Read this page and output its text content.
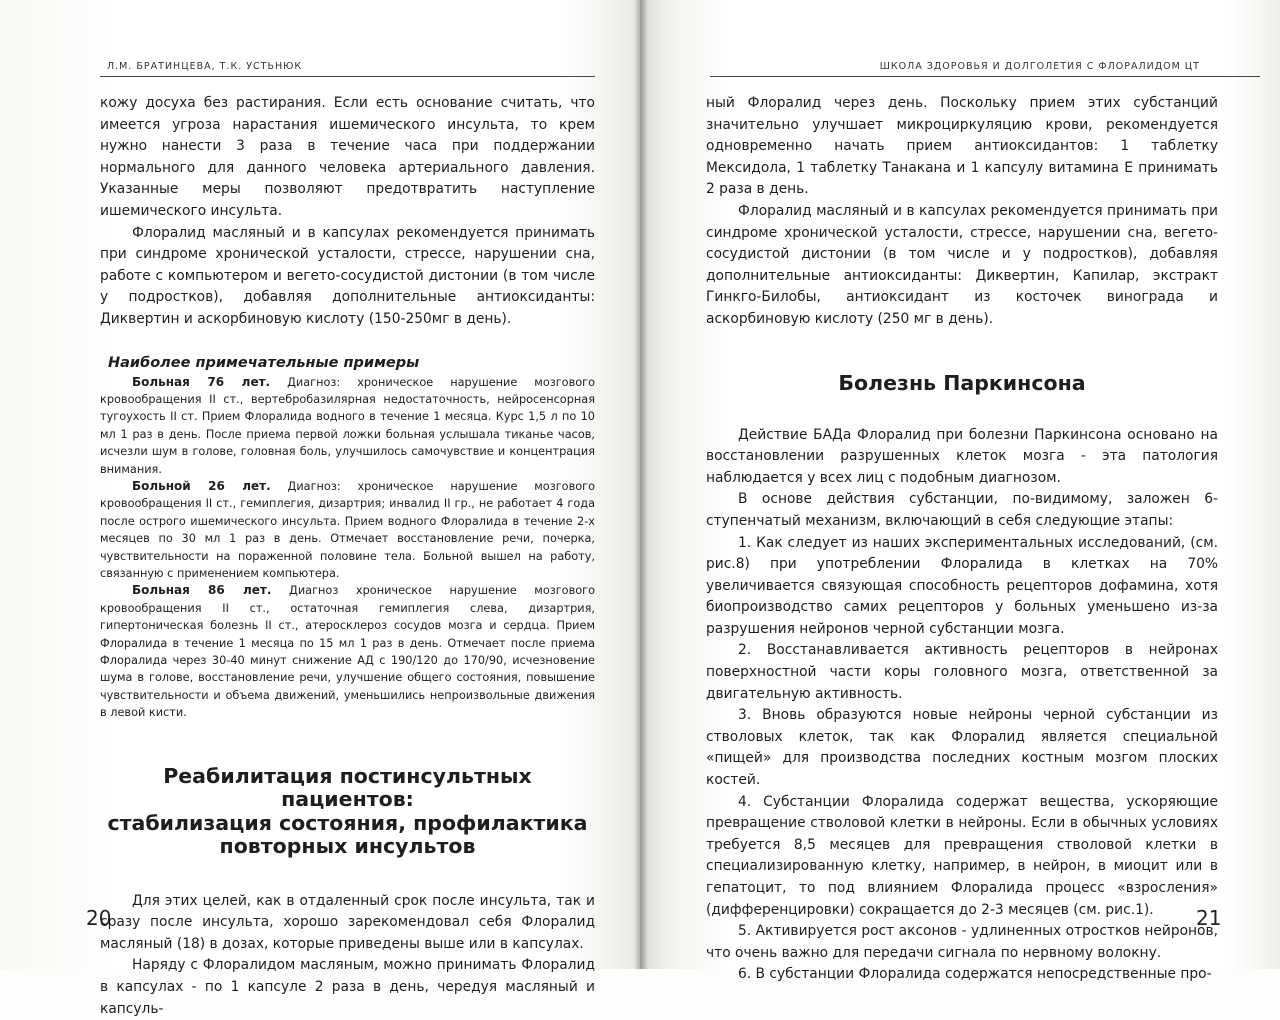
Л.М. БРАТИНЦЕВА, Т.К. УСТЬНЮК

кожу досуха без растирания. Если есть основание считать, что имеется угроза нарастания ишемического инсульта, то крем нужно нанести 3 раза в течение часа при поддержании нормального для данного человека артериального давления. Указанные меры позволяют предотвратить наступление ишемического инсульта.

Флоралид масляный и в капсулах рекомендуется принимать при синдроме хронической усталости, стрессе, нарушении сна, работе с компьютером и вегето-сосудистой дистонии (в том числе у подростков), добавляя дополнительные антиоксиданты: Диквертин и аскорбиновую кислоту (150-250мг в день).

Наиболее примечательные примеры

Больная 76 лет. Диагноз: хроническое нарушение мозгового кровообращения II ст., вертебробазилярная недостаточность, нейросенсорная тугоухость II ст. Прием Флоралида водного в течение 1 месяца. Курс 1,5 л по 10 мл 1 раз в день. После приема первой ложки больная услышала тиканье часов, исчезли шум в голове, головная боль, улучшилось самочувствие и концентрация внимания.

Больной 26 лет. Диагноз: хроническое нарушение мозгового кровообращения II ст., гемиплегия, дизартрия; инвалид II гр., не работает 4 года после острого ишемического инсульта. Прием водного Флоралида в течение 2-х месяцев по 30 мл 1 раз в день. Отмечает восстановление речи, почерка, чувствительности на пораженной половине тела. Больной вышел на работу, связанную с применением компьютера.

Больная 86 лет. Диагноз хроническое нарушение мозгового кровообращения II ст., остаточная гемиплегия слева, дизартрия, гипертоническая болезнь II ст., атеросклероз сосудов мозга и сердца. Прием Флоралида в течение 1 месяца по 15 мл 1 раз в день. Отмечает после приема Флоралида через 30-40 минут снижение АД с 190/120 до 170/90, исчезновение шума в голове, восстановление речи, улучшение общего состояния, повышение чувствительности и объема движений, уменьшились непроизвольные движения в левой кисти.

Реабилитация постинсультных пациентов:
стабилизация состояния, профилактика
повторных инсультов

Для этих целей, как в отдаленный срок после инсульта, так и сразу после инсульта, хорошо зарекомендовал себя Флоралид масляный (18) в дозах, которые приведены выше или в капсулах.

Наряду с Флоралидом масляным, можно принимать Флоралид в капсулах - по 1 капсуле 2 раза в день, чередуя масляный и капсуль-

20
ШКОЛА ЗДОРОВЬЯ И ДОЛГОЛЕТИЯ С ФЛОРАЛИДОМ ЦТ

ный Флоралид через день. Поскольку прием этих субстанций значительно улучшает микроциркуляцию крови, рекомендуется одновременно начать прием антиоксидантов: 1 таблетку Мексидола, 1 таблетку Танакана и 1 капсулу витамина Е принимать 2 раза в день.

Флоралид масляный и в капсулах рекомендуется принимать при синдроме хронической усталости, стрессе, нарушении сна, вегето-сосудистой дистонии (в том числе и у подростков), добавляя дополнительные антиоксиданты: Диквертин, Капилар, экстракт Гинкго-Билобы, антиоксидант из косточек винограда и аскорбиновую кислоту (250 мг в день).

Болезнь Паркинсона

Действие БАДа Флоралид при болезни Паркинсона основано на восстановлении разрушенных клеток мозга - эта патология наблюдается у всех лиц с подобным диагнозом.

В основе действия субстанции, по-видимому, заложен 6-ступенчатый механизм, включающий в себя следующие этапы:

1. Как следует из наших экспериментальных исследований, (см. рис.8) при употреблении Флоралида в клетках на 70% увеличивается связующая способность рецепторов дофамина, хотя биопроизводство самих рецепторов у больных уменьшено из-за разрушения нейронов черной субстанции мозга.

2. Восстанавливается активность рецепторов в нейронах поверхностной части коры головного мозга, ответственной за двигательную активность.

3. Вновь образуются новые нейроны черной субстанции из стволовых клеток, так как Флоралид является специальной «пищей» для производства последних костным мозгом плоских костей.

4. Субстанции Флоралида содержат вещества, ускоряющие превращение стволовой клетки в нейроны. Если в обычных условиях требуется 8,5 месяцев для превращения стволовой клетки в специализированную клетку, например, в нейрон, в миоцит или в гепатоцит, то под влиянием Флоралида процесс «взросления» (дифференцировки) сокращается до 2-3 месяцев (см. рис.1).

5. Активируется рост аксонов - удлиненных отростков нейронов, что очень важно для передачи сигнала по нервному волокну.

6. В субстанции Флоралида содержатся непосредственные про-

21
